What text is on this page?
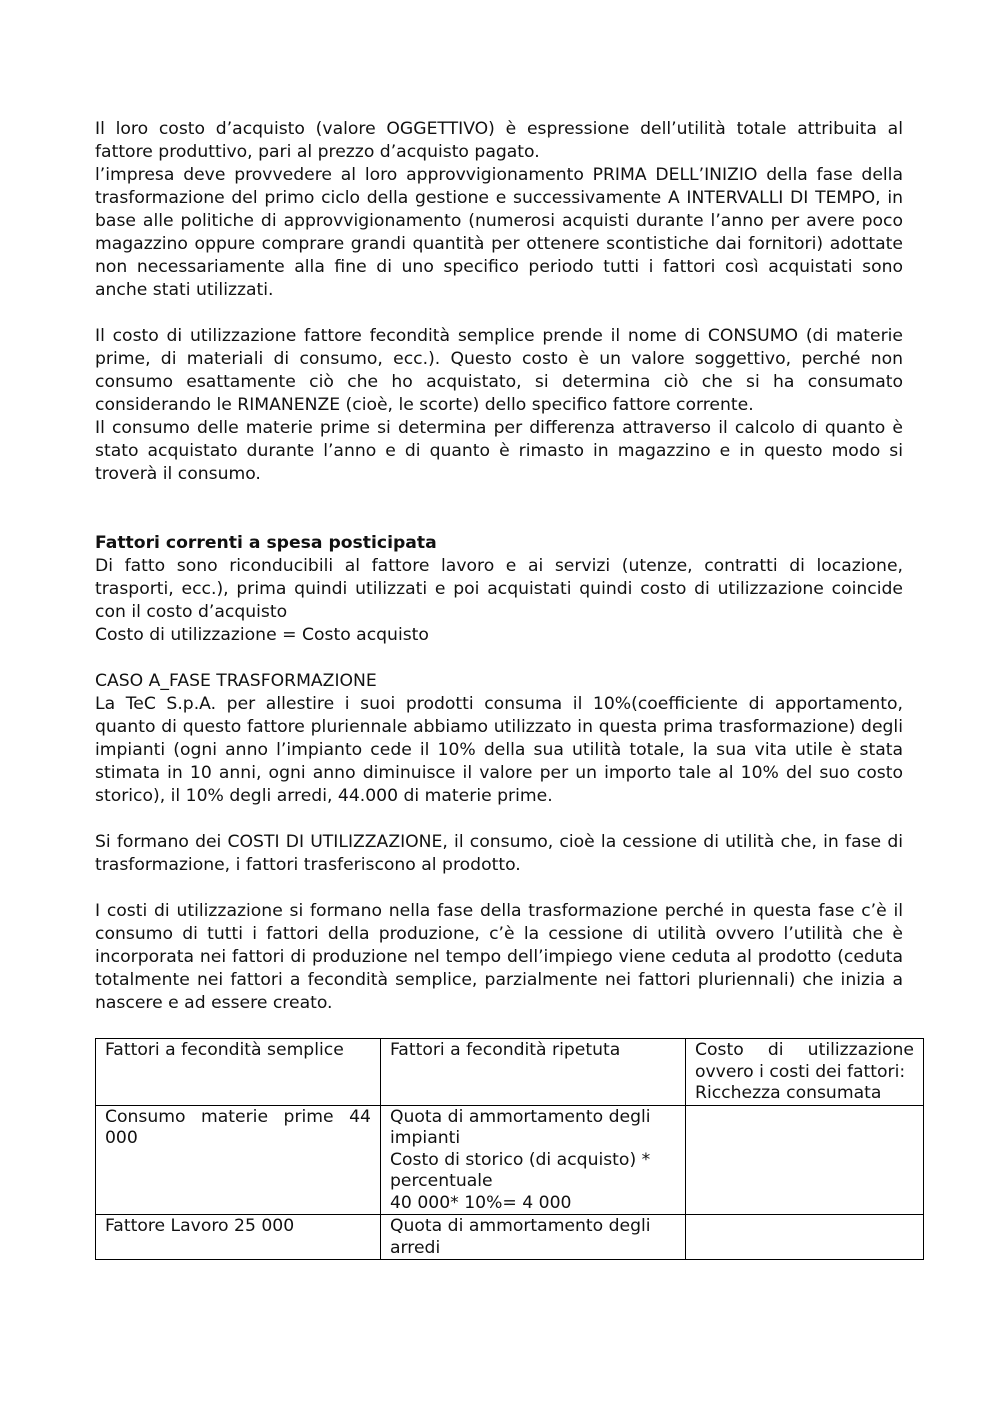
Il loro costo d’acquisto (valore OGGETTIVO) è espressione dell’utilità totale attribuita al fattore produttivo, pari al prezzo d’acquisto pagato.

l’impresa deve provvedere al loro approvvigionamento PRIMA DELL’INIZIO della fase della trasformazione del primo ciclo della gestione e successivamente A INTERVALLI DI TEMPO, in base alle politiche di approvvigionamento (numerosi acquisti durante l’anno per avere poco magazzino oppure comprare grandi quantità per ottenere scontistiche dai fornitori) adottate non necessariamente alla fine di uno specifico periodo tutti i fattori così acquistati sono anche stati utilizzati.

Il costo di utilizzazione fattore fecondità semplice prende il nome di CONSUMO (di materie prime, di materiali di consumo, ecc.). Questo costo è un valore soggettivo, perché non consumo esattamente ciò che ho acquistato, si determina ciò che si ha consumato considerando le RIMANENZE (cioè, le scorte) dello specifico fattore corrente.

Il consumo delle materie prime si determina per differenza attraverso il calcolo di quanto è stato acquistato durante l’anno e di quanto è rimasto in magazzino e in questo modo si troverà il consumo.

Fattori correnti a spesa posticipata

Di fatto sono riconducibili al fattore lavoro e ai servizi (utenze, contratti di locazione, trasporti, ecc.), prima quindi utilizzati e poi acquistati quindi costo di utilizzazione coincide con il costo d’acquisto

Costo di utilizzazione = Costo acquisto

CASO A_FASE TRASFORMAZIONE

La TeC S.p.A. per allestire i suoi prodotti consuma il 10%(coefficiente di apportamento, quanto di questo fattore pluriennale abbiamo utilizzato in questa prima trasformazione) degli impianti (ogni anno l’impianto cede il 10% della sua utilità totale, la sua vita utile è stata stimata in 10 anni, ogni anno diminuisce il valore per un importo tale al 10% del suo costo storico), il 10% degli arredi, 44.000 di materie prime.

Si formano dei COSTI DI UTILIZZAZIONE, il consumo, cioè la cessione di utilità che, in fase di trasformazione, i fattori trasferiscono al prodotto.

I costi di utilizzazione si formano nella fase della trasformazione perché in questa fase c’è il consumo di tutti i fattori della produzione, c’è la cessione di utilità ovvero l’utilità che è incorporata nei fattori di produzione nel tempo dell’impiego viene ceduta al prodotto (ceduta totalmente nei fattori a fecondità semplice, parzialmente nei fattori pluriennali) che inizia a nascere e ad essere creato.

Fattori a fecondità semplice	Fattori a fecondità ripetuta	Costo di utilizzazione ovvero i costi dei fattori:
Ricchezza consumata

Consumo materie prime 44 000	Quota di ammortamento degli impianti
Costo di storico (di acquisto) * percentuale
40 000* 10%= 4 000	

Fattore Lavoro 25 000	Quota di ammortamento degli arredi	
